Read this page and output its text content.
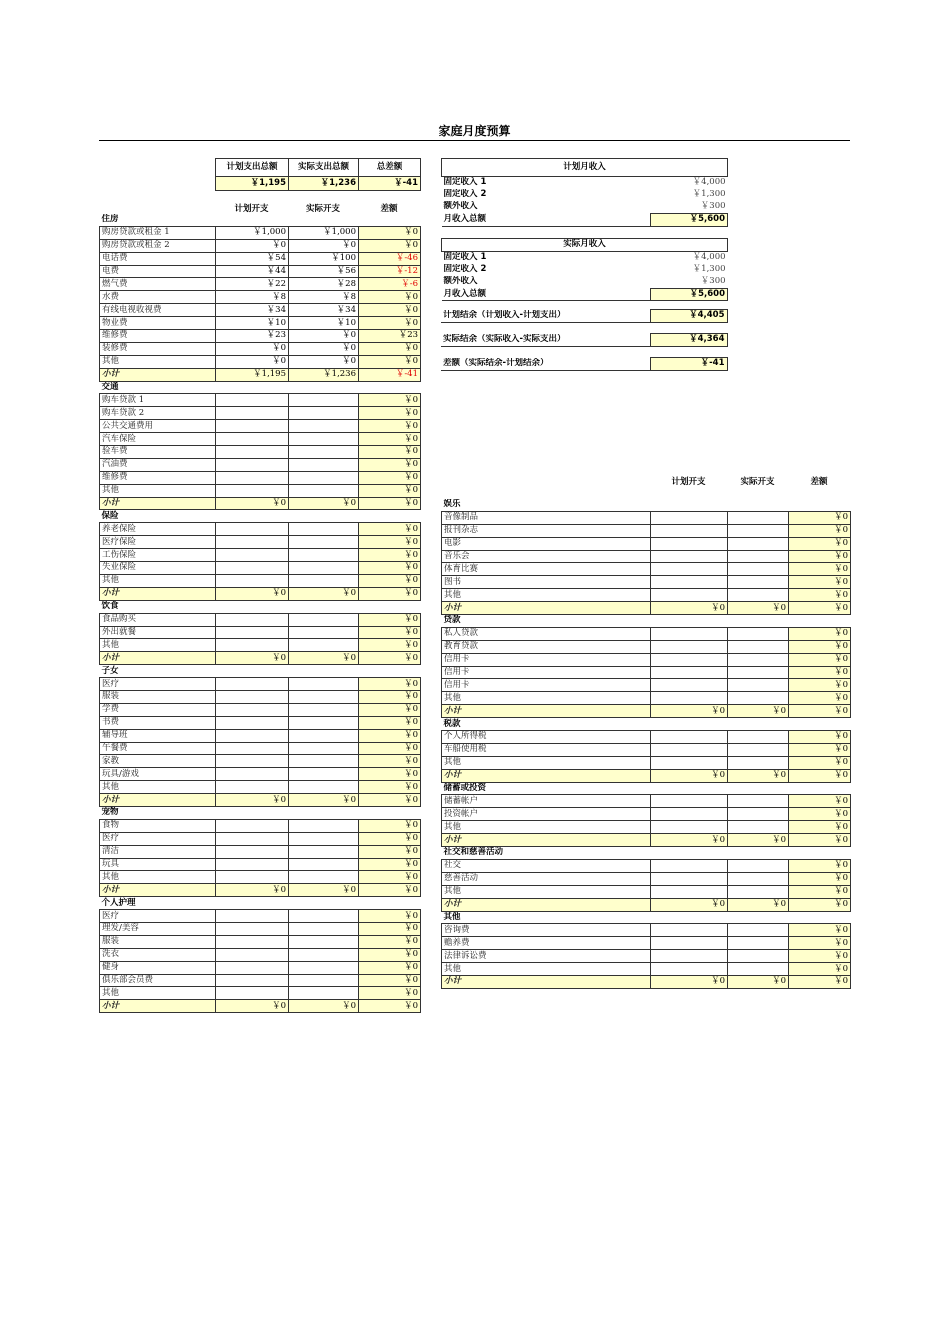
家庭月度预算
计划支出总额	实际支出总额	总差额
￥1,195	￥1,236	￥-41
计划开支	实际开支	差额
住房			
购房贷款或租金 1	￥1,000	￥1,000	￥0
购房贷款或租金 2	￥0	￥0	￥0
电话费	￥54	￥100	￥-46
电费	￥44	￥56	￥-12
燃气费	￥22	￥28	￥-6
水费	￥8	￥8	￥0
有线电视收视费	￥34	￥34	￥0
物业费	￥10	￥10	￥0
维修费	￥23	￥0	￥23
装修费	￥0	￥0	￥0
其他	￥0	￥0	￥0
小计	￥1,195	￥1,236	￥-41
交通			
购车贷款 1			￥0
购车贷款 2			￥0
公共交通费用			￥0
汽车保险			￥0
验车费			￥0
汽油费			￥0
维修费			￥0
其他			￥0
小计	￥0	￥0	￥0
保险			
养老保险			￥0
医疗保险			￥0
工伤保险			￥0
失业保险			￥0
其他			￥0
小计	￥0	￥0	￥0
饮食			
食品购买			￥0
外出就餐			￥0
其他			￥0
小计	￥0	￥0	￥0
子女			
医疗			￥0
服装			￥0
学费			￥0
书费			￥0
辅导班			￥0
午餐费			￥0
家教			￥0
玩具/游戏			￥0
其他			￥0
小计	￥0	￥0	￥0
宠物			
食物			￥0
医疗			￥0
清洁			￥0
玩具			￥0
其他			￥0
小计	￥0	￥0	￥0
个人护理			
医疗			￥0
理发/美容			￥0
服装			￥0
洗衣			￥0
健身			￥0
俱乐部会员费			￥0
其他			￥0
小计	￥0	￥0	￥0
计划月收入	
固定收入 1	￥4,000
固定收入 2	￥1,300
额外收入	￥300
月收入总额	￥5,600
实际月收入	
固定收入 1	￥4,000
固定收入 2	￥1,300
额外收入	￥300
月收入总额	￥5,600
计划结余（计划收入-计划支出）	￥4,405
实际结余（实际收入-实际支出）	￥4,364
差额（实际结余-计划结余）	￥-41
计划开支	实际开支	差额
娱乐			
音像制品			￥0
报刊杂志			￥0
电影			￥0
音乐会			￥0
体育比赛			￥0
图书			￥0
其他			￥0
小计	￥0	￥0	￥0
贷款			
私人贷款			￥0
教育贷款			￥0
信用卡			￥0
信用卡			￥0
信用卡			￥0
其他			￥0
小计	￥0	￥0	￥0
税款			
个人所得税			￥0
车船使用税			￥0
其他			￥0
小计	￥0	￥0	￥0
储蓄或投资			
储蓄帐户			￥0
投资帐户			￥0
其他			￥0
小计	￥0	￥0	￥0
社交和慈善活动			
社交			￥0
慈善活动			￥0
其他			￥0
小计	￥0	￥0	￥0
其他			
咨询费			￥0
赡养费			￥0
法律诉讼费			￥0
其他			￥0
小计	￥0	￥0	￥0
